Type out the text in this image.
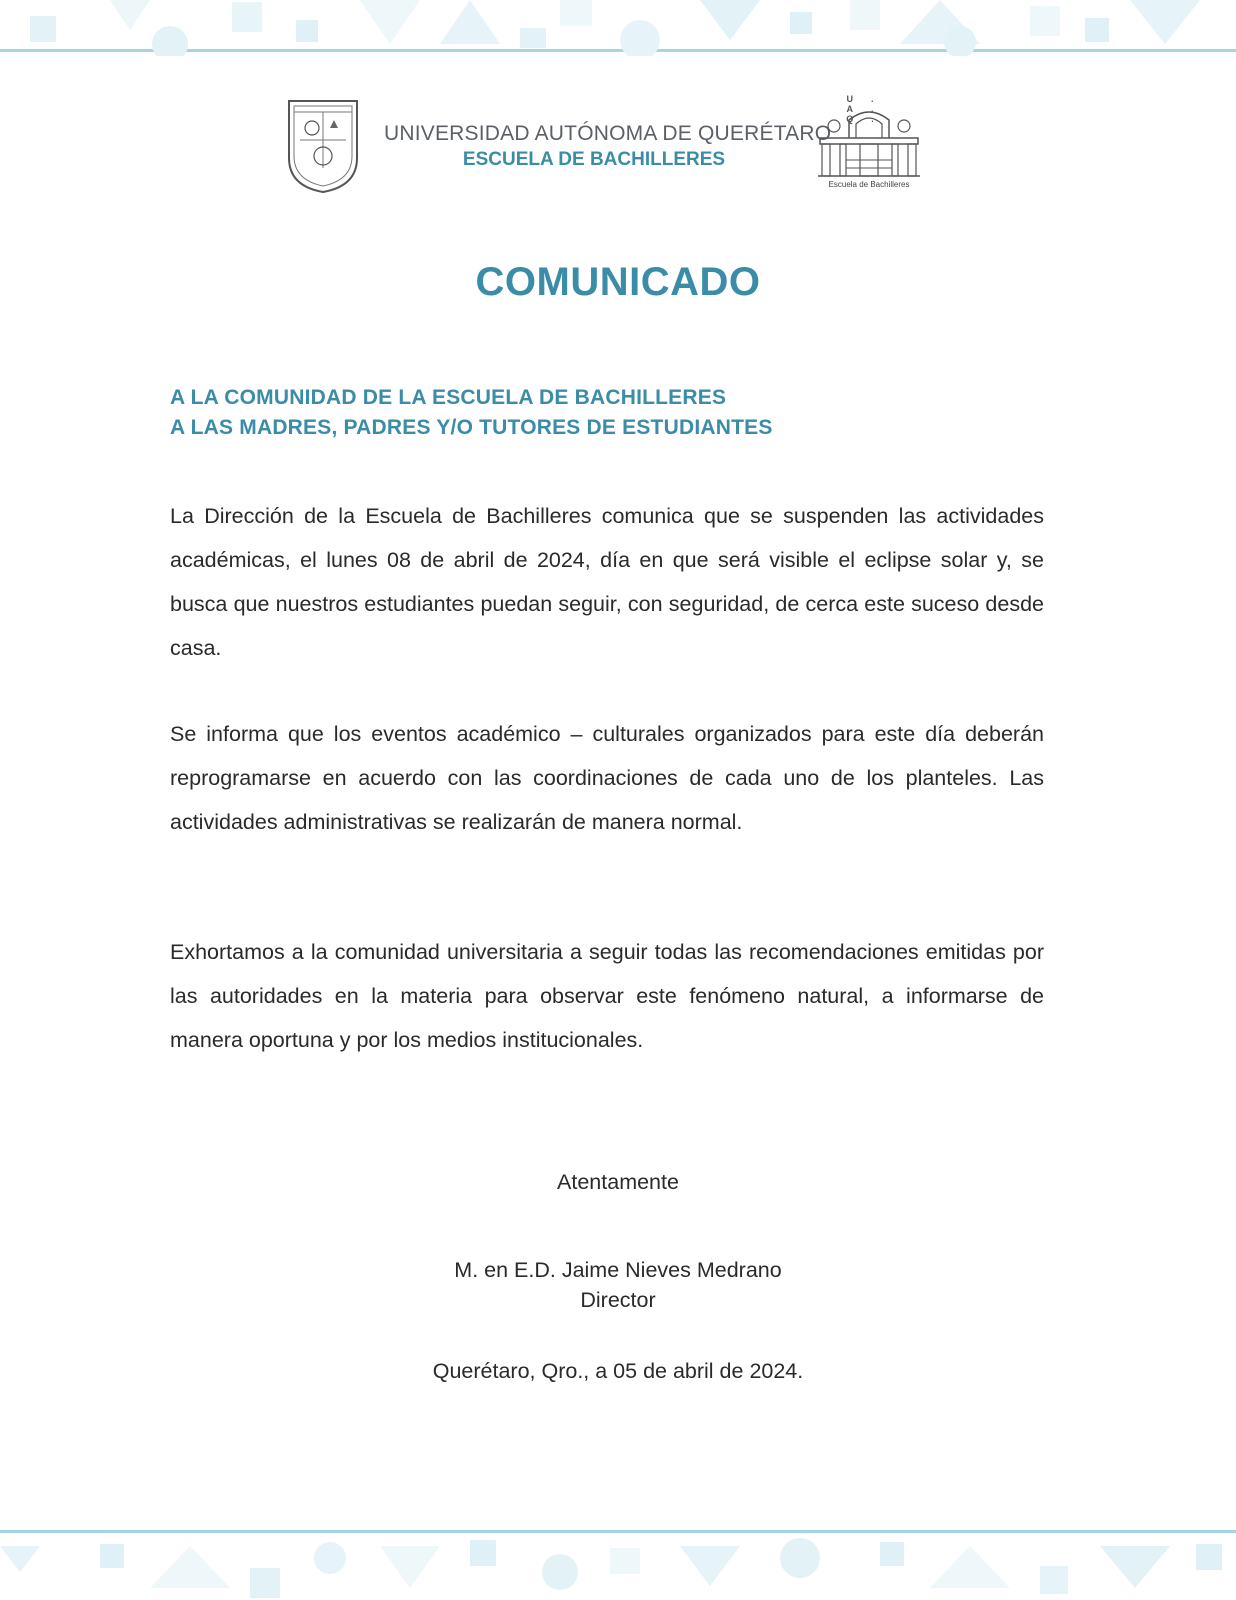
UNIVERSIDAD AUTÓNOMA DE QUERÉTARO
ESCUELA DE BACHILLERES
U. A. Q.
Escuela de Bachilleres
COMUNICADO
A LA COMUNIDAD DE LA ESCUELA DE BACHILLERES
A LAS MADRES, PADRES Y/O TUTORES DE ESTUDIANTES
La Dirección de la Escuela de Bachilleres comunica que se suspenden las actividades académicas, el lunes 08 de abril de 2024, día en que será visible el eclipse solar y, se busca que nuestros estudiantes puedan seguir, con seguridad, de cerca este suceso desde casa.
Se informa que los eventos académico – culturales organizados para este día deberán reprogramarse en acuerdo con las coordinaciones de cada uno de los planteles. Las actividades administrativas se realizarán de manera normal.
Exhortamos a la comunidad universitaria a seguir todas las recomendaciones emitidas por las autoridades en la materia para observar este fenómeno natural, a informarse de manera oportuna y por los medios institucionales.
Atentamente
M. en E.D. Jaime Nieves Medrano
Director
Querétaro, Qro., a 05 de abril de 2024.
